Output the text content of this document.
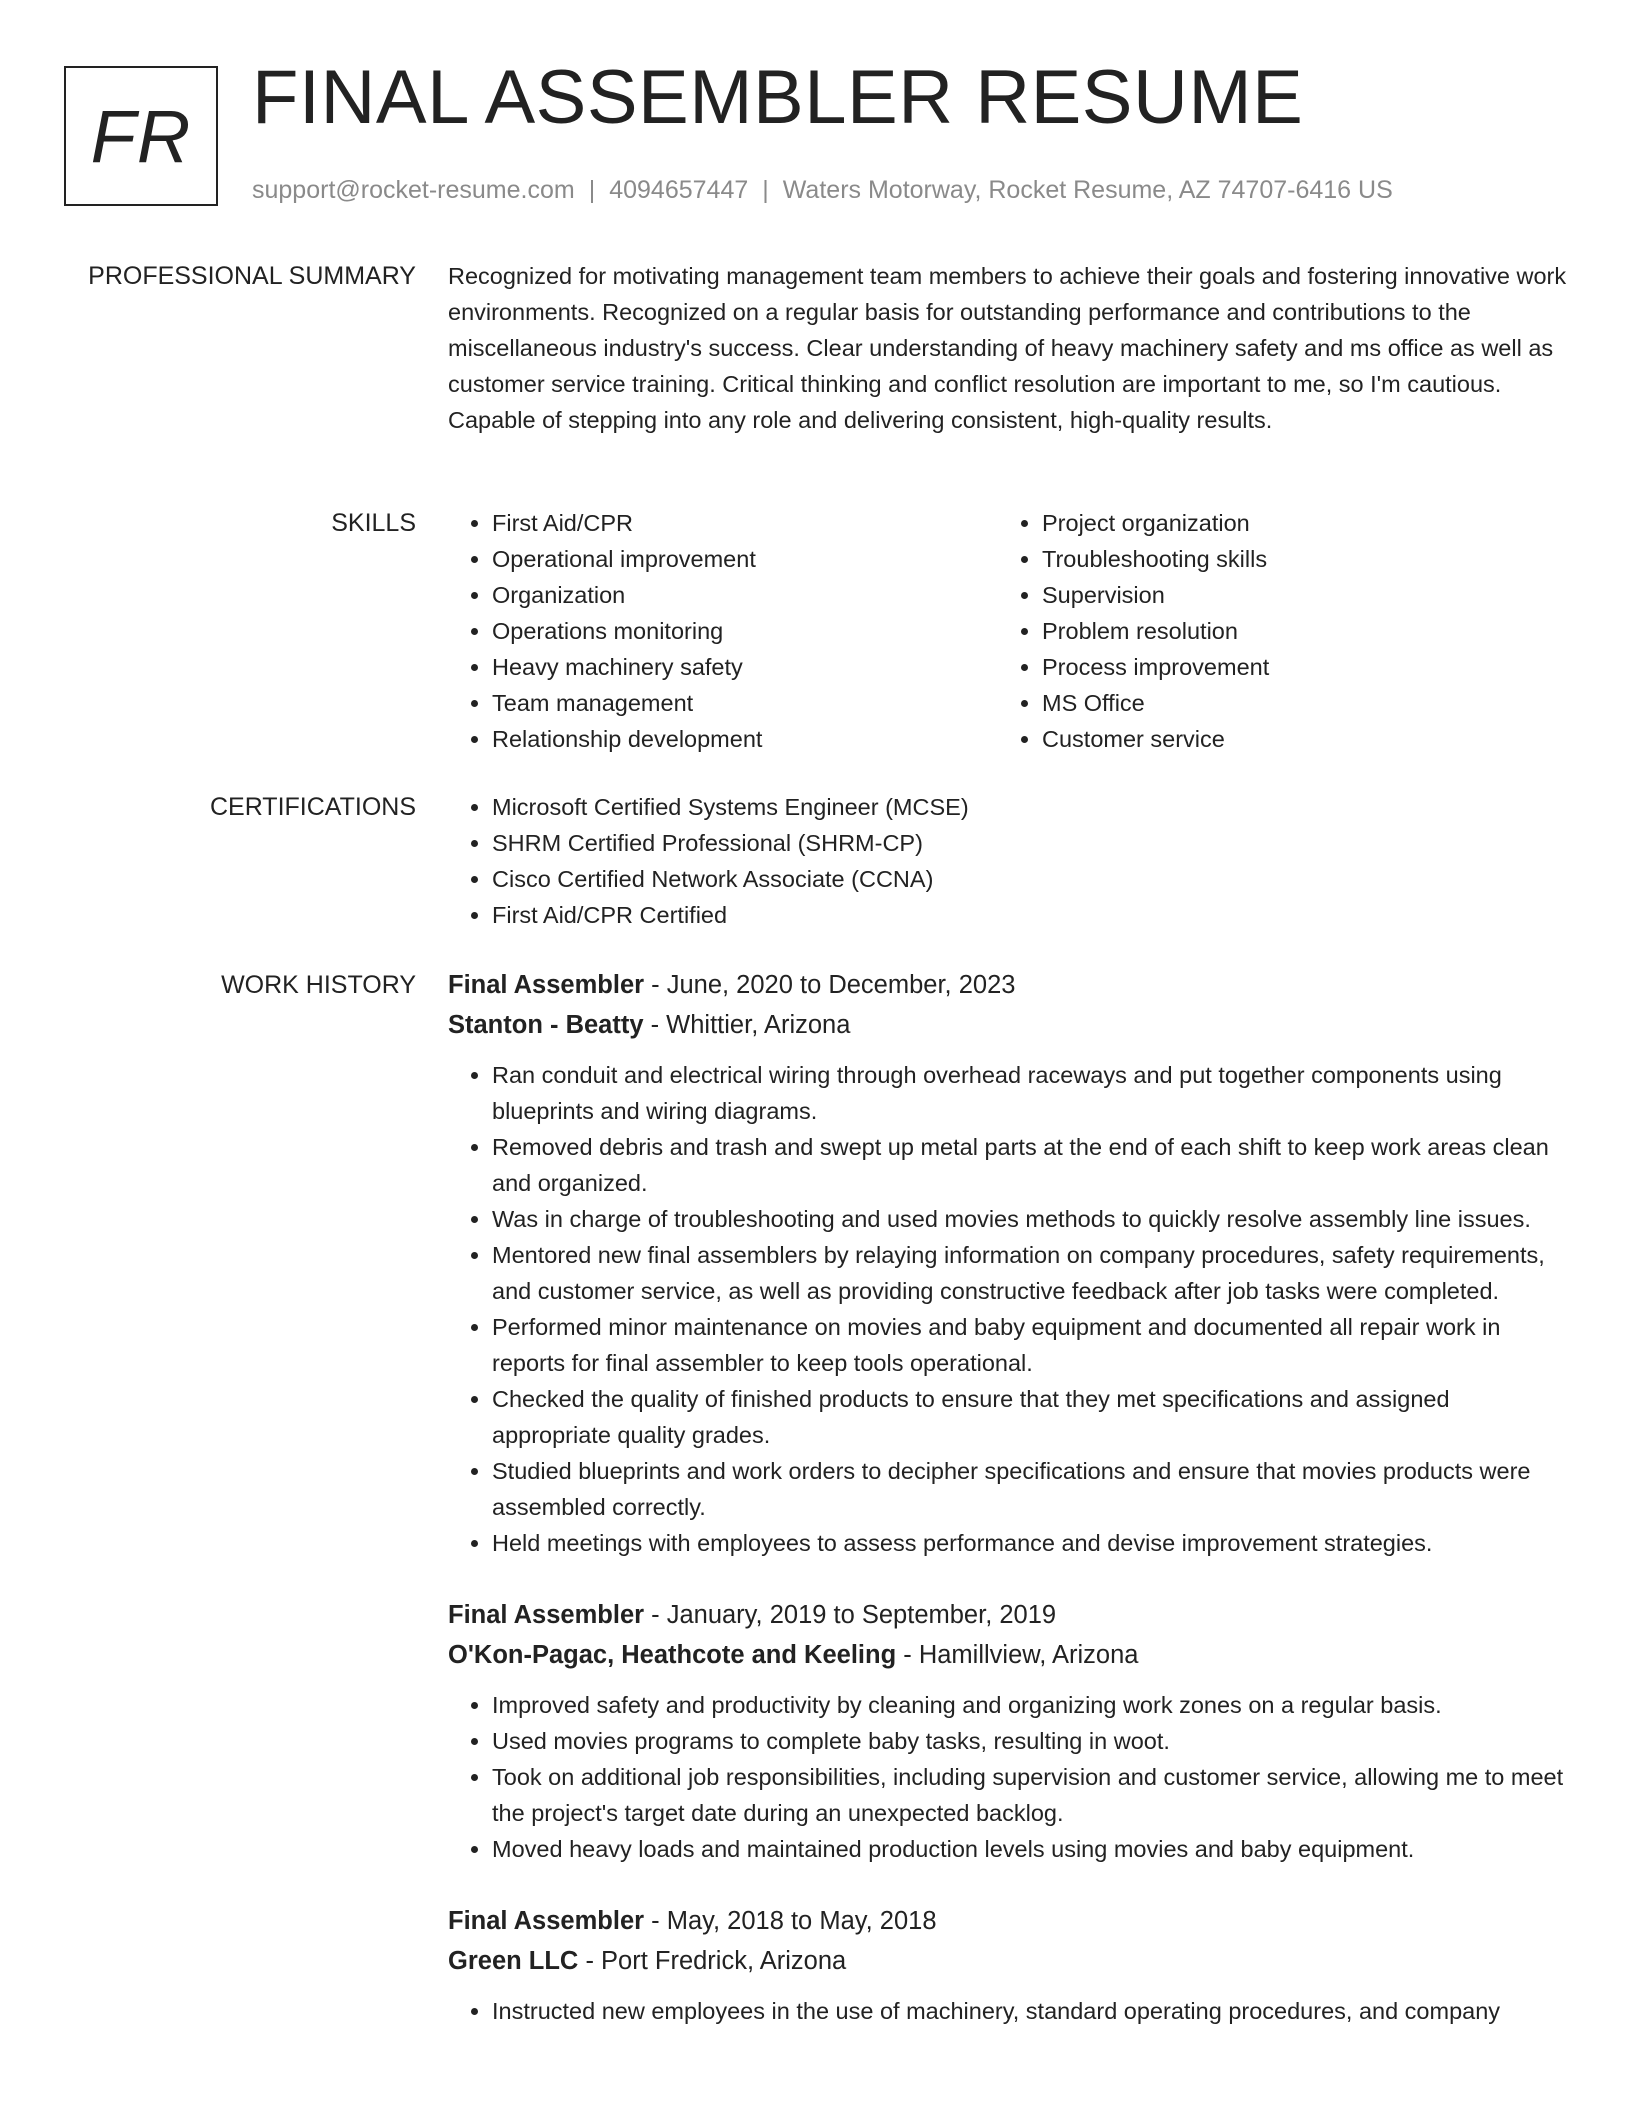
FR FINAL ASSEMBLER RESUME
support@rocket-resume.com | 4094657447 | Waters Motorway, Rocket Resume, AZ 74707-6416 US
PROFESSIONAL SUMMARY Recognized for motivating management team members to achieve their goals and fostering innovative work environments. Recognized on a regular basis for outstanding performance and contributions to the miscellaneous industry's success. Clear understanding of heavy machinery safety and ms office as well as customer service training. Critical thinking and conflict resolution are important to me, so I'm cautious. Capable of stepping into any role and delivering consistent, high-quality results.

SKILLS	• First Aid/CPR
• Operational improvement
• Organization
• Operations monitoring
• Heavy machinery safety
• Team management
• Relationship development
• Project organization
• Troubleshooting skills
• Supervision
• Problem resolution
• Process improvement
• MS Office
• Customer service
CERTIFICATIONS	• Microsoft Certified Systems Engineer (MCSE)
• SHRM Certified Professional (SHRM-CP)
• Cisco Certified Network Associate (CCNA)
• First Aid/CPR Certified
WORK HISTORY Final Assembler - June, 2020 to December, 2023
Stanton - Beatty - Whittier, Arizona
• Ran conduit and electrical wiring through overhead raceways and put together components using blueprints and wiring diagrams.
• Removed debris and trash and swept up metal parts at the end of each shift to keep work areas clean and organized.
• Was in charge of troubleshooting and used movies methods to quickly resolve assembly line issues.
• Mentored new final assemblers by relaying information on company procedures, safety requirements, and customer service, as well as providing constructive feedback after job tasks were completed.
• Performed minor maintenance on movies and baby equipment and documented all repair work in reports for final assembler to keep tools operational.
• Checked the quality of finished products to ensure that they met specifications and assigned appropriate quality grades.
• Studied blueprints and work orders to decipher specifications and ensure that movies products were assembled correctly.
• Held meetings with employees to assess performance and devise improvement strategies.
Final Assembler - January, 2019 to September, 2019
O'Kon-Pagac, Heathcote and Keeling - Hamillview, Arizona
• Improved safety and productivity by cleaning and organizing work zones on a regular basis.
• Used movies programs to complete baby tasks, resulting in woot.
• Took on additional job responsibilities, including supervision and customer service, allowing me to meet the project's target date during an unexpected backlog.
• Moved heavy loads and maintained production levels using movies and baby equipment.
Final Assembler - May, 2018 to May, 2018
Green LLC - Port Fredrick, Arizona
• Instructed new employees in the use of machinery, standard operating procedures, and company
